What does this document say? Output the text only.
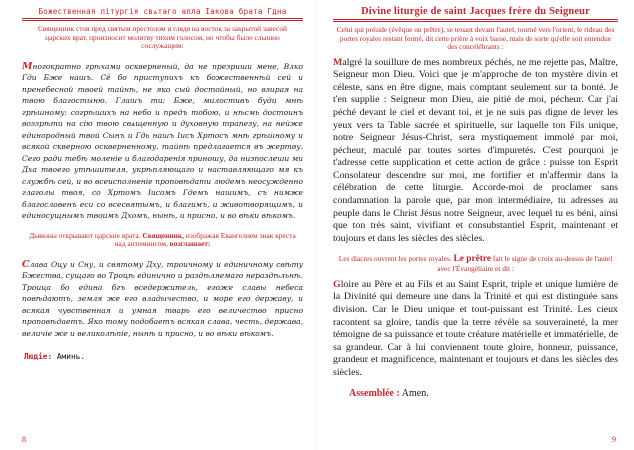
Божественная літургія свѧтаго апла Іакова брата Гдна
Священник стоя пред святым престолом и глядя на восток за закрытой завесой царских врат, произносит молитву тихим голосом, но чтобы было слышно сослужащим:
Многократно грѣхами оскверненый, да не презриши мене, Влко Гди Бже нашъ. Сё бо приступихъ къ божественнѣй сей и пренебесной твоей тайнѣ, не яко сый достойный, но взирая на твою благостыню. Глашъ ти: Бже, милостивъ буди мнѣ грѣшному: согрѣшихъ на небо и предъ тобою, и нѣсмь достоинъ воззрѣти на сію твою свѧщенную и духовную трапезу, на нейже единородный твой Сынъ и Гдь нашъ Іисъ Хртосъ мнѣ грѣшному и всякой скверною оскверненному, тайнѣ предлагается въ жертву. Сего ради тебѣ моленіе и благодаренія приношу, да низпослеши ми Дха твоего утѣшителя, укрѣпляющаго и наставляющаго мя къ службѣ сей, и во всеисполненіе проповѣдати людемъ неосужденно глаголы твоя, со Хртомъ Іисомъ Гдемъ нашимъ, съ нимже благословенъ еси со всесвятымъ, и благимъ, и животворящимъ, и единосущнымъ твоимъ Дхомъ, нынѣ, и присно, и во вѣки вѣкомъ.
Дьяконы открывают царские врата. Священник, изображая Евангелием знак креста над антиминсом, возглашает:
Слава Оцу и Сну, и святому Дху, троичному и единичному свѣту Бжества, сущаго во Троцѣ единично и раздѣляемаго нераздѣльнѣ. Троица бо едина бгъ вседержитель, егоже славы небеса повѣдаютъ, земля же его владычество, и море его державу, и всякая чувственная и умная тварь его величество присно проповѣдаетъ. Яко тому подобаетъ всякая слава, честь, держава, величіе же и великолѣпіе, нынѣ и присно, и во вѣки вѣкомъ.
Людіе: Аминь.
8
Divine liturgie de saint Jacques frère du Seigneur
Celui qui préside (évêque ou prêtre), se tenant devant l'autel, tourné vers l'orient, le rideau des portes royales restant fermé, dit cette prière à voix basse, mais de sorte qu'elle soit entendue des concélébrants :
Malgré la souillure de mes nombreux péchés, ne me rejette pas, Maître, Seigneur mon Dieu. Voici que je m'approche de ton mystère divin et céleste, sans en être digne, mais comptant seulement sur ta bonté. Je t'en supplie : Seigneur mon Dieu, aie pitié de moi, pécheur. Car j'ai péché devant le ciel et devant toi, et je ne suis pas digne de lever les yeux vers ta Table sacrée et spirituelle, sur laquelle ton Fils unique, notre Seigneur Jésus-Christ, sera mystiquement immolé par moi, pécheur, maculé par toutes sortes d'impuretés. C'est pourquoi je t'adresse cette supplication et cette action de grâce : puisse ton Esprit Consolateur descendre sur moi, me fortifier et m'affermir dans la célébration de cette liturgie. Accorde-moi de proclamer sans condamnation la parole que, par mon intermédiaire, tu adresses au peuple dans le Christ Jésus notre Seigneur, avec lequel tu es béni, ainsi que ton très saint, vivifiant et consubstantiel Esprit, maintenant et toujours et dans les siècles des siècles.
Les diacres ouvrent les portes royales. Le prêtre fait le signe de croix au-dessus de l'autel avec l'Évangéliaire et dit :
Gloire au Père et au Fils et au Saint Esprit, triple et unique lumière de la Divinité qui demeure une dans la Trinité et qui est distinguée sans division. Car le Dieu unique et tout-puissant est Trinité. Les cieux racontent sa gloire, tandis que la terre révèle sa souveraineté, la mer témoigne de sa puissance et toute créature matérielle et immatérielle, de sa grandeur. Car à lui conviennent toute gloire, honneur, puissance, grandeur et magnificence, maintenant et toujours et dans les siècles des siècles.
Assemblée : Amen.
9
